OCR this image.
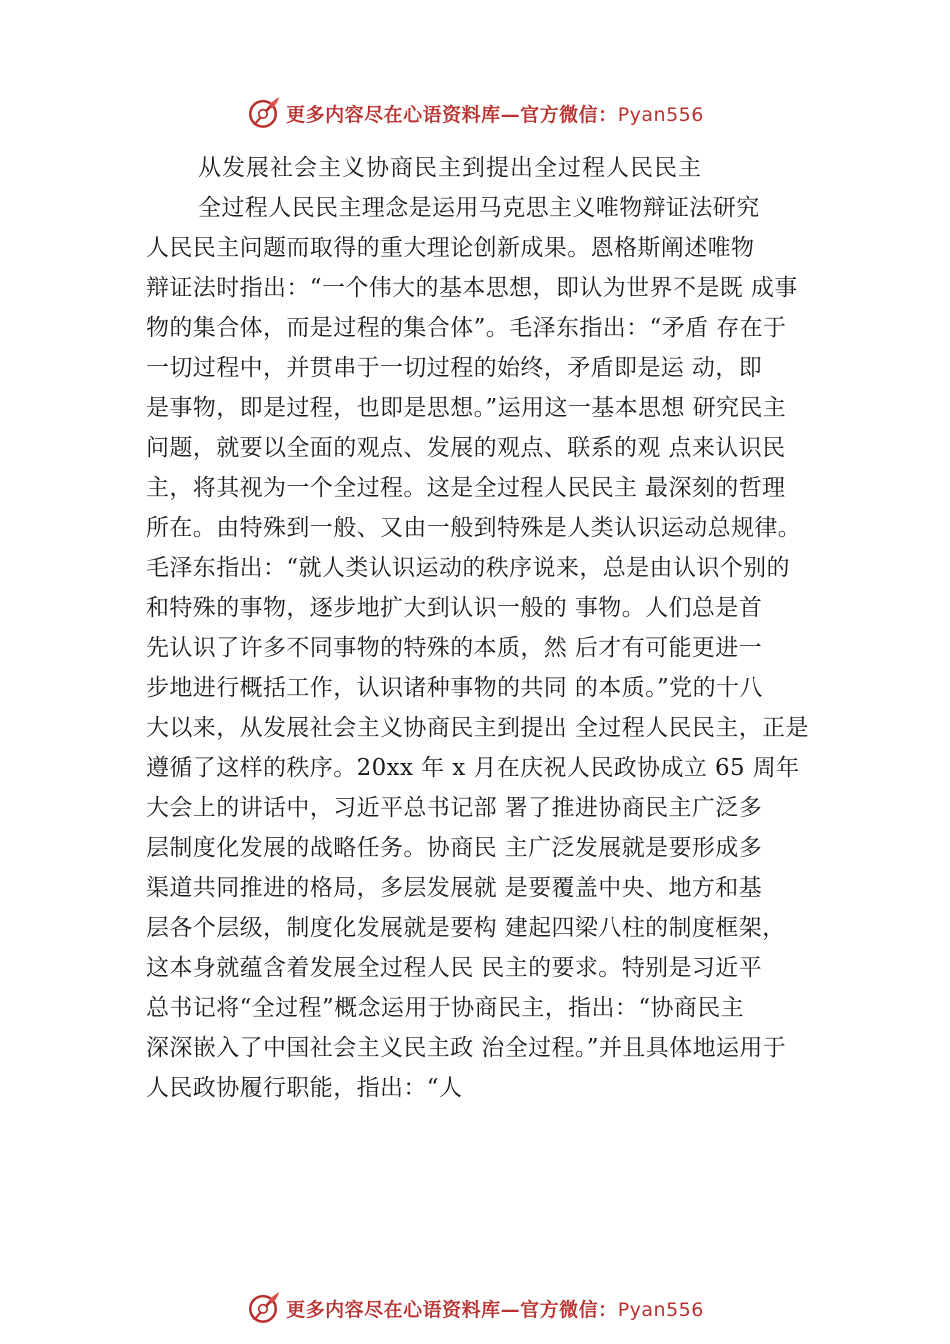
更多内容尽在心语资料库—官方微信：Pyan556

从发展社会主义协商民主到提出全过程人民民主

全过程人民民主理念是运用马克思主义唯物辩证法研究

人民民主问题而取得的重大理论创新成果。恩格斯阐述唯物

辩证法时指出：“一个伟大的基本思想，即认为世界不是既 成事

物的集合体，而是过程的集合体”。毛泽东指出：“矛盾 存在于

一切过程中，并贯串于一切过程的始终，矛盾即是运 动，即

是事物，即是过程，也即是思想。”运用这一基本思想 研究民主

问题，就要以全面的观点、发展的观点、联系的观 点来认识民

主，将其视为一个全过程。这是全过程人民民主 最深刻的哲理

所在。由特殊到一般、又由一般到特殊是人类认识运动总规律。

毛泽东指出：“就人类认识运动的秩序说来，总是由认识个别的

和特殊的事物，逐步地扩大到认识一般的 事物。人们总是首

先认识了许多不同事物的特殊的本质，然 后才有可能更进一

步地进行概括工作，认识诸种事物的共同 的本质。”党的十八

大以来，从发展社会主义协商民主到提出 全过程人民民主，正是

遵循了这样的秩序。20xx 年 x 月在庆祝人民政协成立 65 周年

大会上的讲话中，习近平总书记部 署了推进协商民主广泛多

层制度化发展的战略任务。协商民 主广泛发展就是要形成多

渠道共同推进的格局，多层发展就 是要覆盖中央、地方和基

层各个层级，制度化发展就是要构 建起四梁八柱的制度框架，

这本身就蕴含着发展全过程人民 民主的要求。特别是习近平

总书记将“全过程”概念运用于协商民主，指出：“协商民主

深深嵌入了中国社会主义民主政 治全过程。”并且具体地运用于

人民政协履行职能，指出：“人

更多内容尽在心语资料库—官方微信：Pyan556
